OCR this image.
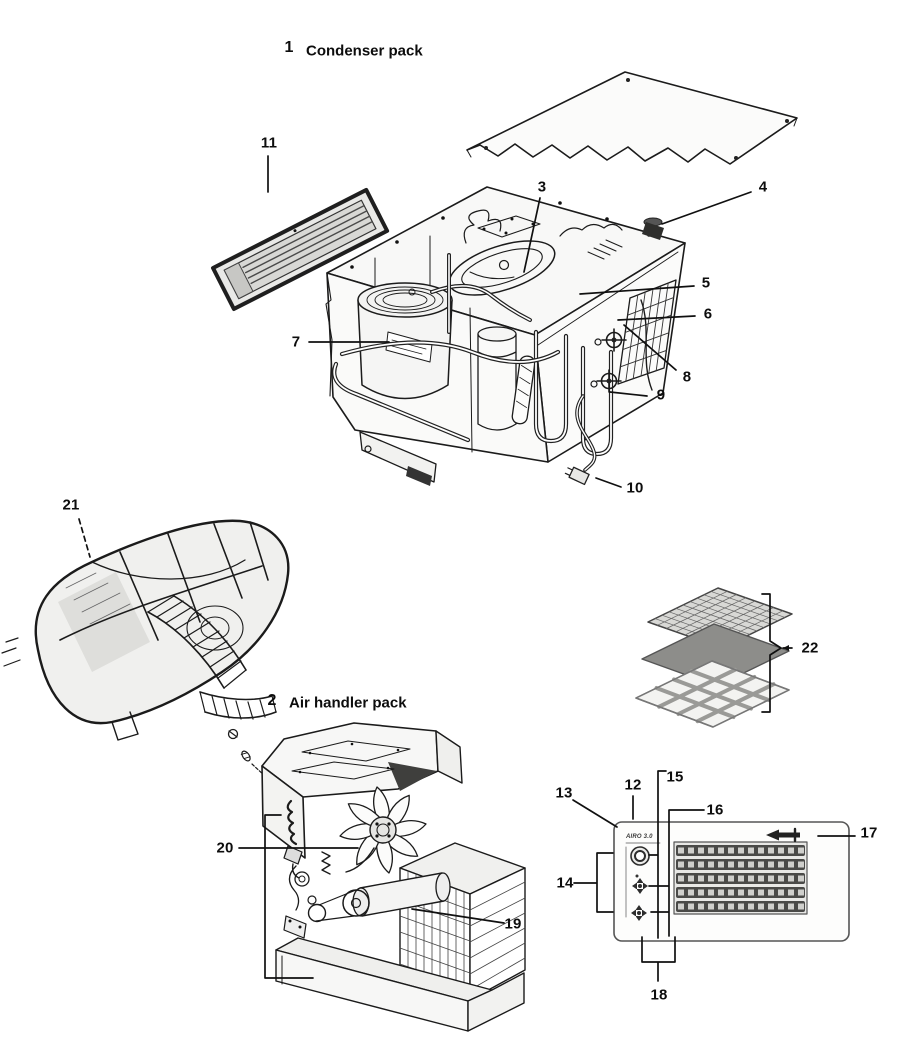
1 Condenser pack
2 Air handler pack
3	4
5
6
7
8
9
10
11
12
13
14
15
16
17
18
19
20
21
22
AIRO 3.0
